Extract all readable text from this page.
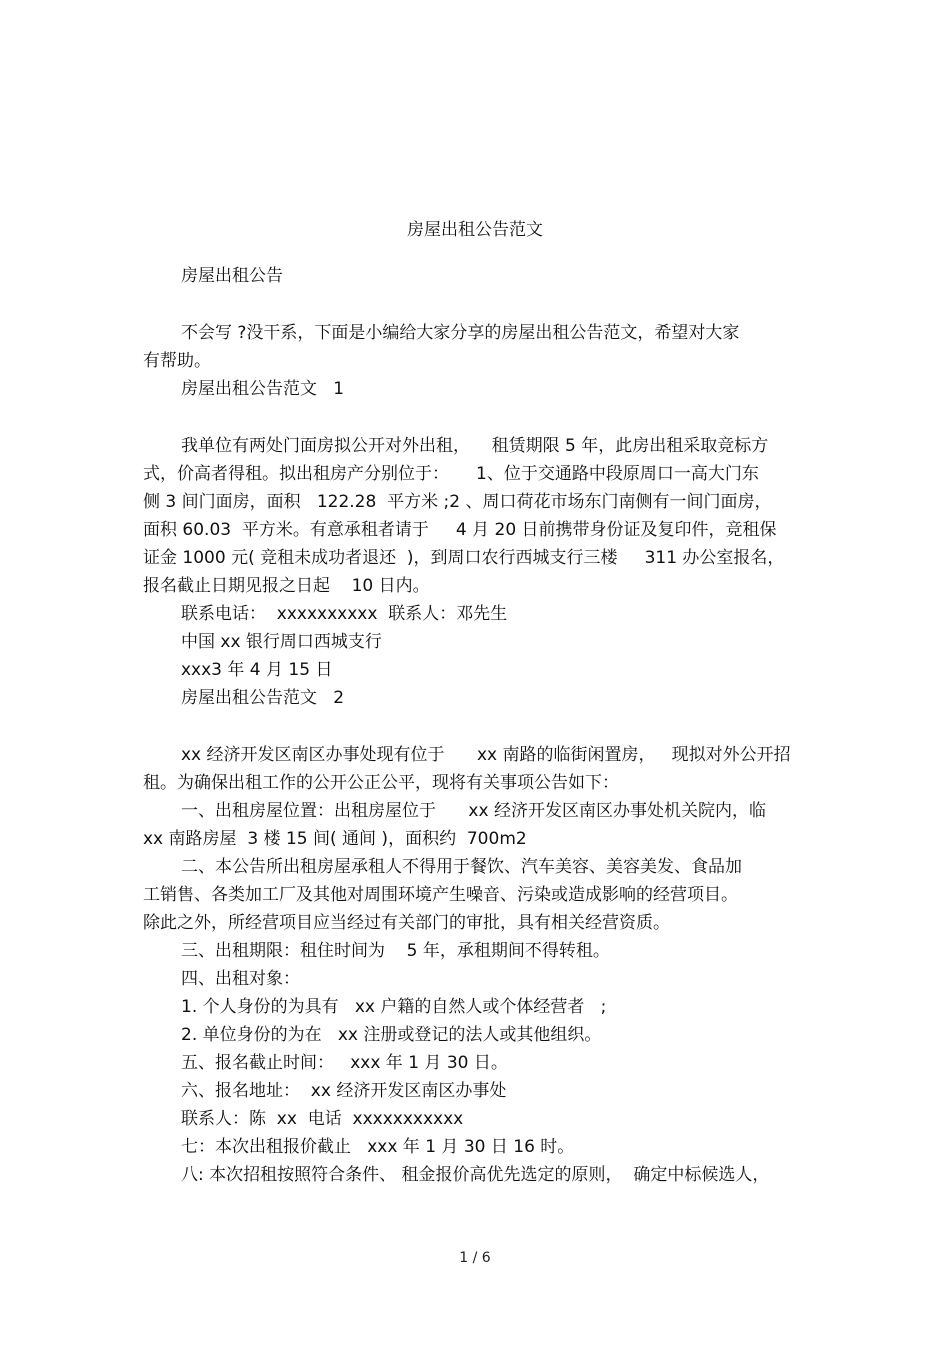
房屋出租公告范文
房屋出租公告
不会写 ?没干系，下面是小编给大家分享的房屋出租公告范文，希望对大家
有帮助。
房屋出租公告范文   1
我单位有两处门面房拟公开对外出租，    租赁期限 5 年，此房出租采取竞标方
式，价高者得租。拟出租房产分别位于：     1、位于交通路中段原周口一高大门东
侧 3 间门面房，面积   122.28  平方米 ;2 、周口荷花市场东门南侧有一间门面房，
面积 60.03  平方米。有意承租者请于     4 月 20 日前携带身份证及复印件，竞租保
证金 1000 元( 竞租未成功者退还  )，到周口农行西城支行三楼     311 办公室报名，
报名截止日期见报之日起    10 日内。
联系电话：  xxxxxxxxxx  联系人：邓先生
中国 xx 银行周口西城支行
xxx3 年 4 月 15 日
房屋出租公告范文   2
xx 经济开发区南区办事处现有位于      xx 南路的临街闲置房，   现拟对外公开招
租。为确保出租工作的公开公正公平，现将有关事项公告如下：
一、出租房屋位置：出租房屋位于      xx 经济开发区南区办事处机关院内，临
xx 南路房屋  3 楼 15 间( 通间 )，面积约  700m2
二、本公告所出租房屋承租人不得用于餐饮、汽车美容、美容美发、食品加
工销售、各类加工厂及其他对周围环境产生噪音、污染或造成影响的经营项目。
除此之外，所经营项目应当经过有关部门的审批，具有相关经营资质。
三、出租期限：租住时间为    5 年，承租期间不得转租。
四、出租对象：
1. 个人身份的为具有   xx 户籍的自然人或个体经营者   ;
2. 单位身份的为在   xx 注册或登记的法人或其他组织。
五、报名截止时间：   xxx 年 1 月 30 日。
六、报名地址：  xx 经济开发区南区办事处
联系人：陈  xx  电话  xxxxxxxxxxx
七：本次出租报价截止   xxx 年 1 月 30 日 16 时。
八: 本次招租按照符合条件、 租金报价高优先选定的原则，  确定中标候选人，
1 / 6
